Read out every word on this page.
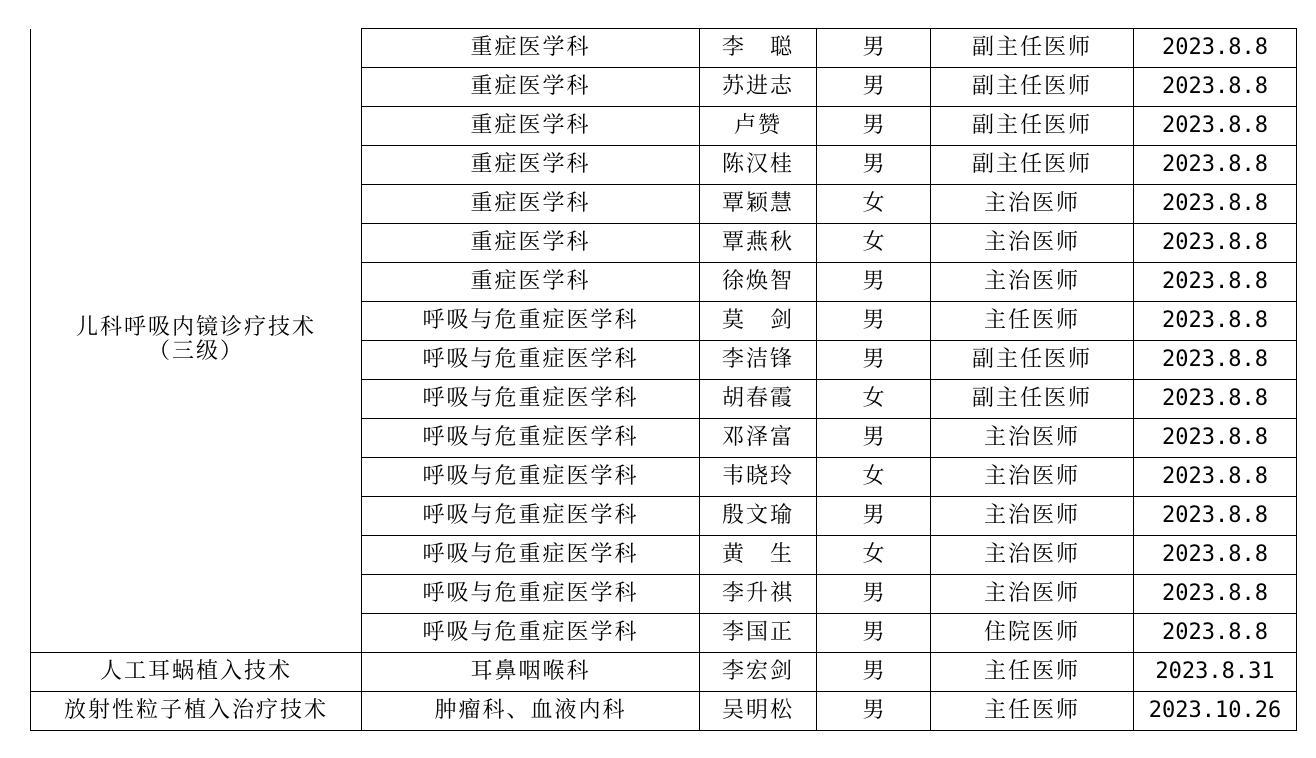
儿科呼吸内镜诊疗技术
（三级）	重症医学科	李　聪	男	副主任医师	2023.8.8
	重症医学科	苏进志	男	副主任医师	2023.8.8
	重症医学科	卢赞	男	副主任医师	2023.8.8
	重症医学科	陈汉桂	男	副主任医师	2023.8.8
	重症医学科	覃颖慧	女	主治医师	2023.8.8
	重症医学科	覃燕秋	女	主治医师	2023.8.8
	重症医学科	徐焕智	男	主治医师	2023.8.8
	呼吸与危重症医学科	莫　剑	男	主任医师	2023.8.8
	呼吸与危重症医学科	李洁锋	男	副主任医师	2023.8.8
	呼吸与危重症医学科	胡春霞	女	副主任医师	2023.8.8
	呼吸与危重症医学科	邓泽富	男	主治医师	2023.8.8
	呼吸与危重症医学科	韦晓玲	女	主治医师	2023.8.8
	呼吸与危重症医学科	殷文瑜	男	主治医师	2023.8.8
	呼吸与危重症医学科	黄　生	女	主治医师	2023.8.8
	呼吸与危重症医学科	李升祺	男	主治医师	2023.8.8
	呼吸与危重症医学科	李国正	男	住院医师	2023.8.8

人工耳蜗植入技术	耳鼻咽喉科	李宏剑	男	主任医师	2023.8.31

放射性粒子植入治疗技术	肿瘤科、血液内科	吴明松	男	主任医师	2023.10.26
